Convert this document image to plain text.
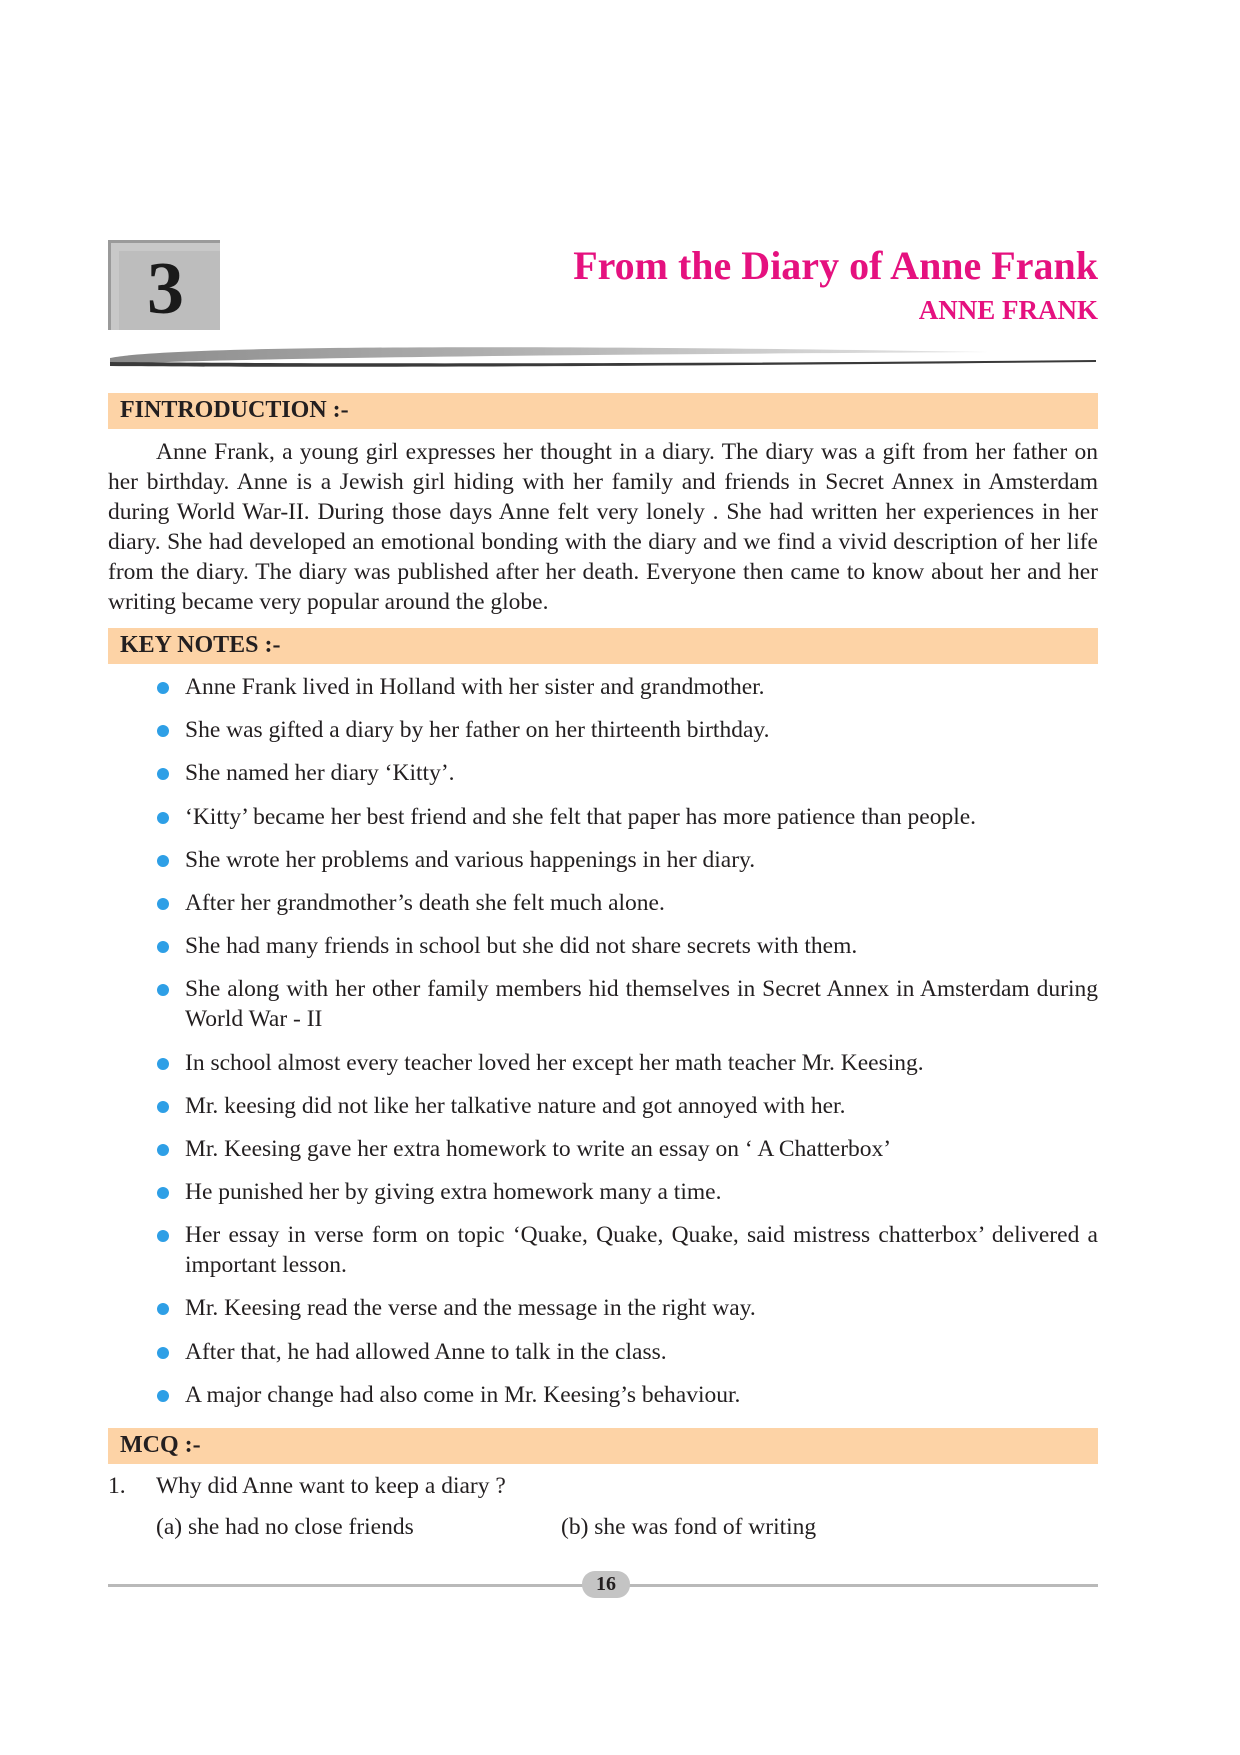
3	From the Diary of Anne Frank
ANNE FRANK
FINTRODUCTION :-

Anne Frank, a young girl expresses her thought in a diary. The diary was a gift from her father on her birthday. Anne is a Jewish girl hiding with her family and friends in Secret Annex in Amsterdam during World War-II. During those days Anne felt very lonely . She had written her experiences in her diary. She had developed an emotional bonding with the diary and we find a vivid description of her life from the diary. The diary was published after her death. Everyone then came to know about her and her writing became very popular around the globe.

KEY NOTES :-
Anne Frank lived in Holland with her sister and grandmother.
She was gifted a diary by her father on her thirteenth birthday.
She named her diary ‘Kitty’.
‘Kitty’ became her best friend and she felt that paper has more patience than people.
She wrote her problems and various happenings in her diary.
After her grandmother’s death she felt much alone.
She had many friends in school but she did not share secrets with them.
She along with her other family members hid themselves in Secret Annex in Amsterdam during World War - II
In school almost every teacher loved her except her math teacher Mr. Keesing.
Mr. keesing did not like her talkative nature and got annoyed with her.
Mr. Keesing gave her extra homework to write an essay on ‘ A Chatterbox’
He punished her by giving extra homework many a time.
Her essay in verse form on topic ‘Quake, Quake, Quake, said mistress chatterbox’ delivered a important lesson.
Mr. Keesing read the verse and the message in the right way.
After that, he had allowed Anne to talk in the class.
A major change had also come in Mr. Keesing’s behaviour.
MCQ :-
1. Why did Anne want to keep a diary ?
(a) she had no close friends	(b) she was fond of writing
16
